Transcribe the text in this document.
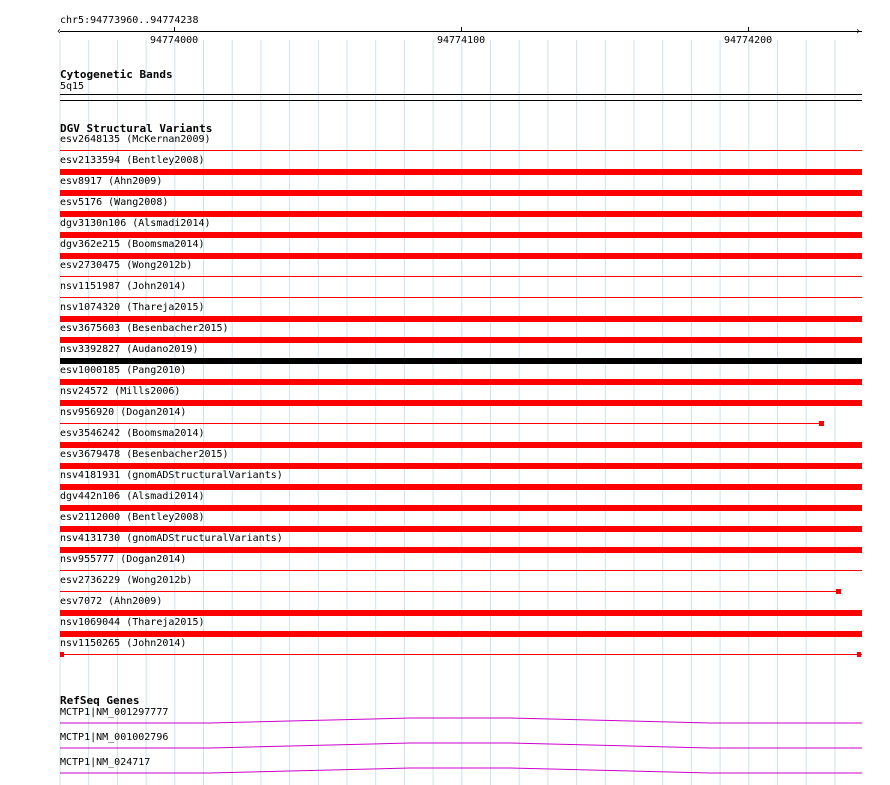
chr5:94773960..94774238
‹	›
94774000	94774100	94774200
Cytogenetic Bands
5q15
DGV Structural Variants
esv2648135 (McKernan2009)
esv2133594 (Bentley2008)
esv8917 (Ahn2009)
esv5176 (Wang2008)
dgv3130n106 (Alsmadi2014)
dgv362e215 (Boomsma2014)
esv2730475 (Wong2012b)
nsv1151987 (John2014)
nsv1074320 (Thareja2015)
esv3675603 (Besenbacher2015)
nsv3392827 (Audano2019)
esv1000185 (Pang2010)
nsv24572 (Mills2006)
nsv956920 (Dogan2014)
esv3546242 (Boomsma2014)
esv3679478 (Besenbacher2015)
nsv4181931 (gnomADStructuralVariants)
dgv442n106 (Alsmadi2014)
esv2112000 (Bentley2008)
nsv4131730 (gnomADStructuralVariants)
nsv955777 (Dogan2014)
esv2736229 (Wong2012b)
esv7072 (Ahn2009)
nsv1069044 (Thareja2015)
nsv1150265 (John2014)
RefSeq Genes
MCTP1|NM_001297777
MCTP1|NM_001002796
MCTP1|NM_024717
